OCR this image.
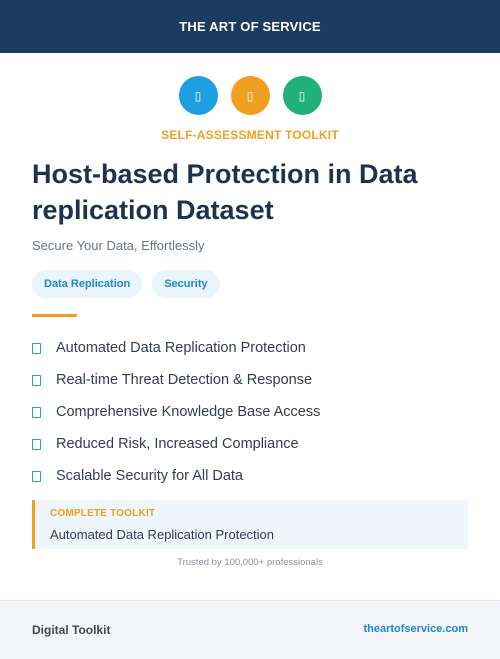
THE ART OF SERVICE
▯	▯	▯
SELF-ASSESSMENT TOOLKIT
Host-based Protection in Data replication Dataset
Secure Your Data, Effortlessly
Data Replication	Security
Automated Data Replication Protection
Real-time Threat Detection & Response
Comprehensive Knowledge Base Access
Reduced Risk, Increased Compliance
Scalable Security for All Data
COMPLETE TOOLKIT
Automated Data Replication Protection
Trusted by 100,000+ professionals
Digital Toolkit	theartofservice.com
